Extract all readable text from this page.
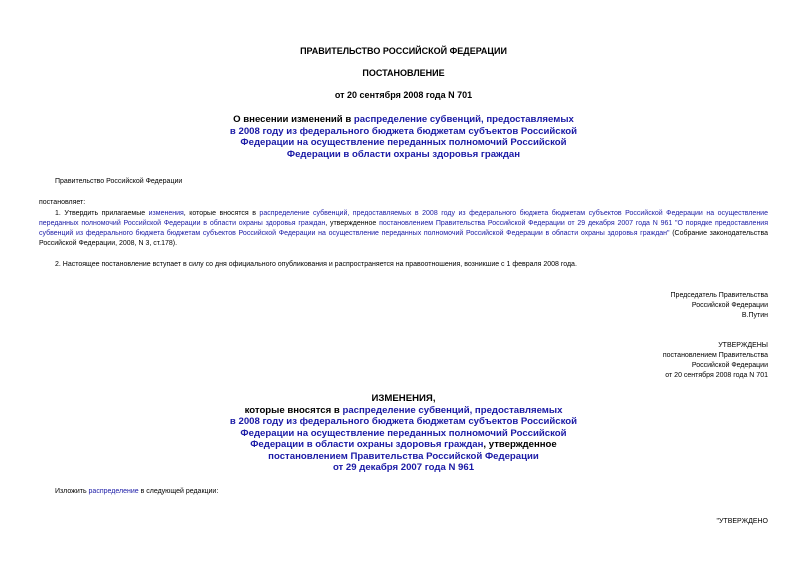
ПРАВИТЕЛЬСТВО РОССИЙСКОЙ ФЕДЕРАЦИИ
ПОСТАНОВЛЕНИЕ
от 20 сентября 2008 года N 701
О внесении изменений в распределение субвенций, предоставляемых
в 2008 году из федерального бюджета бюджетам субъектов Российской
Федерации на осуществление переданных полномочий Российской
Федерации в области охраны здоровья граждан
Правительство Российской Федерации
постановляет:
1. Утвердить прилагаемые изменения, которые вносятся в распределение субвенций, предоставляемых в 2008 году из федерального бюджета бюджетам субъектов Российской Федерации на осуществление переданных полномочий Российской Федерации в области охраны здоровья граждан, утвержденное постановлением Правительства Российской Федерации от 29 декабря 2007 года N 961 "О порядке предоставления субвенций из федерального бюджета бюджетам субъектов Российской Федерации на осуществление переданных полномочий Российской Федерации в области охраны здоровья граждан" (Собрание законодательства Российской Федерации, 2008, N 3, ст.178).
2. Настоящее постановление вступает в силу со дня официального опубликования и распространяется на правоотношения, возникшие с 1 февраля 2008 года.
Председатель Правительства
Российской Федерации
В.Путин
УТВЕРЖДЕНЫ
постановлением Правительства
Российской Федерации
от 20 сентября 2008 года N 701
ИЗМЕНЕНИЯ,
которые вносятся в распределение субвенций, предоставляемых
в 2008 году из федерального бюджета бюджетам субъектов Российской
Федерации на осуществление переданных полномочий Российской
Федерации в области охраны здоровья граждан, утвержденное
постановлением Правительства Российской Федерации
от 29 декабря 2007 года N 961
Изложить распределение в следующей редакции:
"УТВЕРЖДЕНО
